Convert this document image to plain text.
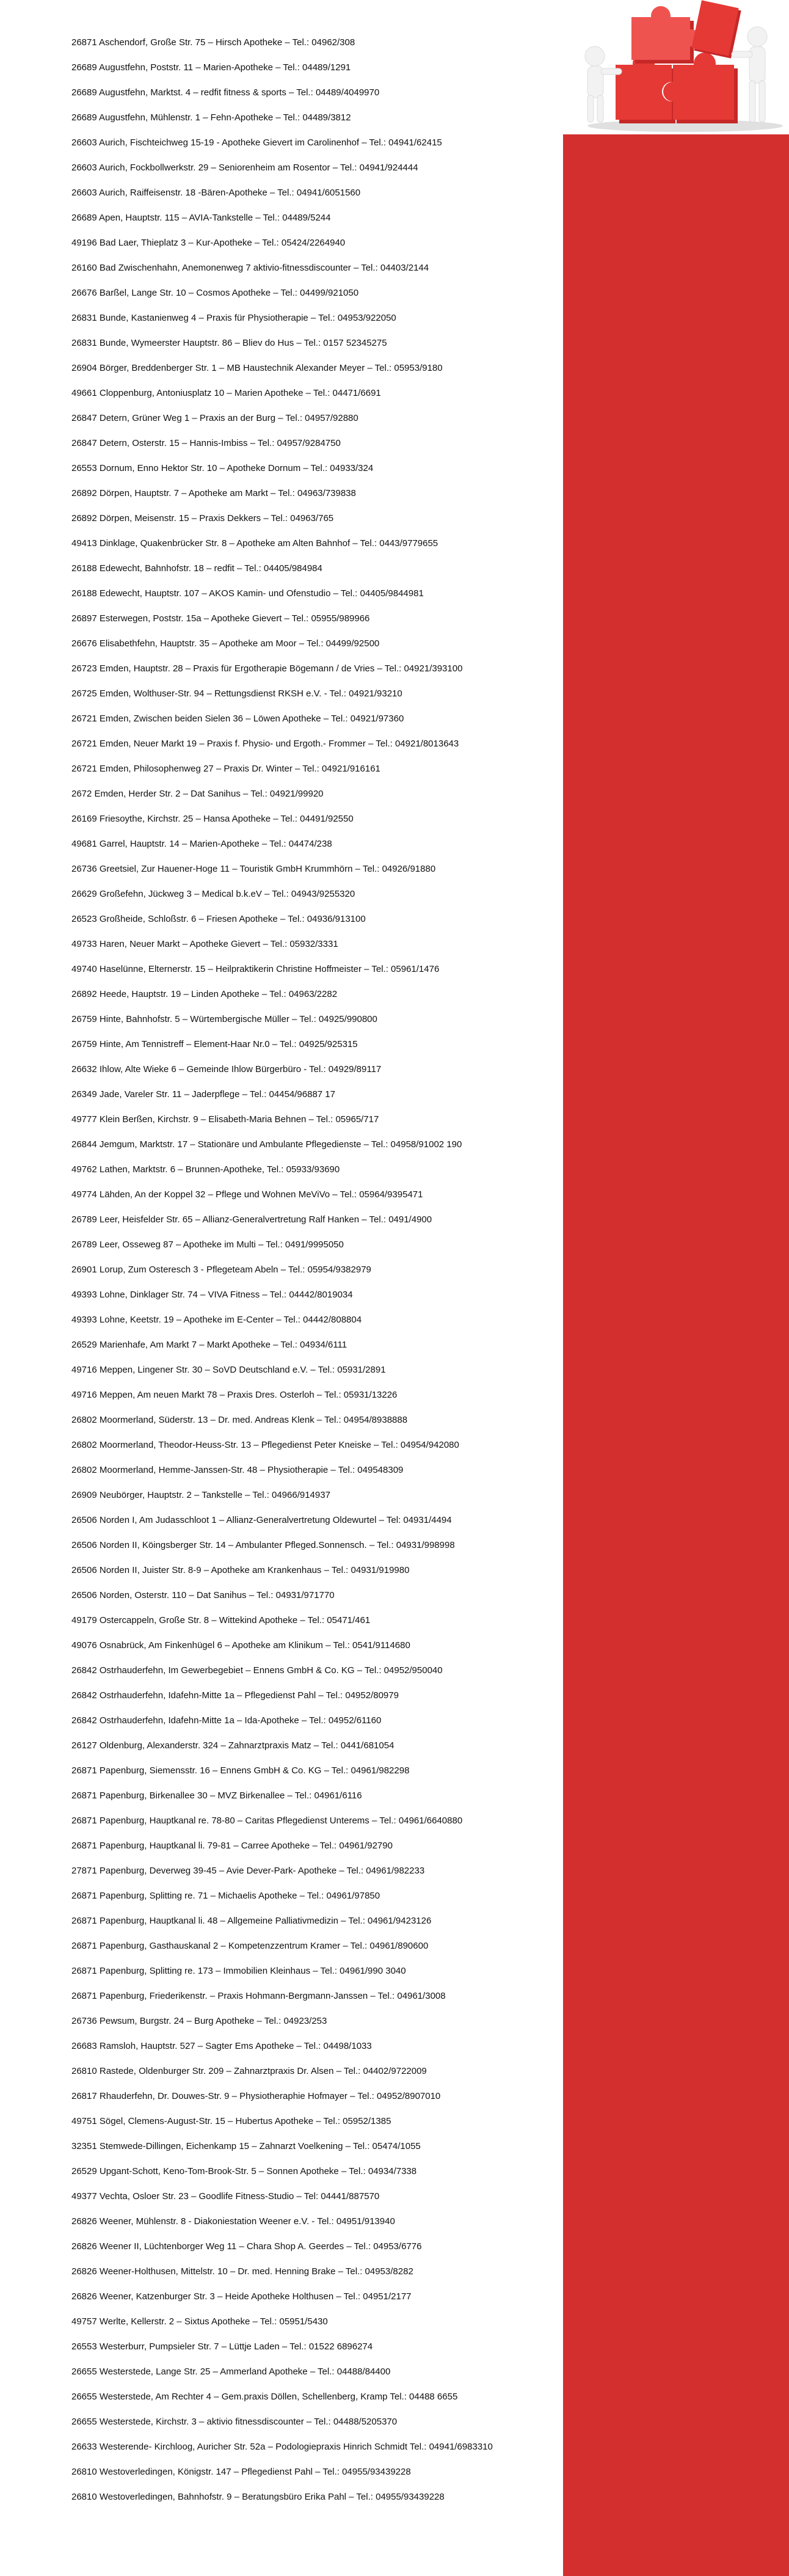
26871 Aschendorf, Große Str. 75 – Hirsch Apotheke – Tel.: 04962/308
26689 Augustfehn, Poststr. 11 – Marien-Apotheke – Tel.: 04489/1291
26689 Augustfehn, Marktst. 4 – redfit fitness & sports – Tel.: 04489/4049970
26689 Augustfehn, Mühlenstr. 1 – Fehn-Apotheke – Tel.: 04489/3812
26603 Aurich, Fischteichweg 15-19 - Apotheke Gievert im Carolinenhof – Tel.: 04941/62415
26603 Aurich, Fockbollwerkstr. 29 – Seniorenheim am Rosentor – Tel.: 04941/924444
26603 Aurich, Raiffeisenstr. 18 -Bären-Apotheke – Tel.: 04941/6051560
26689 Apen, Hauptstr. 115 – AVIA-Tankstelle – Tel.: 04489/5244
49196 Bad Laer, Thieplatz 3 – Kur-Apotheke – Tel.: 05424/2264940
26160 Bad Zwischenhahn, Anemonenweg 7 aktivio-fitnessdiscounter – Tel.: 04403/2144
26676 Barßel, Lange Str. 10 – Cosmos Apotheke – Tel.: 04499/921050
26831 Bunde, Kastanienweg 4 – Praxis für Physiotherapie – Tel.: 04953/922050
26831 Bunde, Wymeerster Hauptstr. 86 – Bliev do Hus – Tel.: 0157 52345275
26904 Börger, Breddenberger Str. 1 – MB Haustechnik Alexander Meyer – Tel.: 05953/9180
49661 Cloppenburg, Antoniusplatz 10 – Marien Apotheke – Tel.: 04471/6691
26847 Detern, Grüner Weg 1 – Praxis an der Burg – Tel.: 04957/92880
26847 Detern, Osterstr. 15 – Hannis-Imbiss – Tel.: 04957/9284750
26553 Dornum, Enno Hektor Str. 10 – Apotheke Dornum – Tel.: 04933/324
26892 Dörpen, Hauptstr. 7 – Apotheke am Markt – Tel.: 04963/739838
26892 Dörpen, Meisenstr. 15 – Praxis Dekkers – Tel.: 04963/765
49413 Dinklage, Quakenbrücker Str. 8 – Apotheke am Alten Bahnhof – Tel.: 0443/9779655
26188 Edewecht, Bahnhofstr. 18 – redfit – Tel.: 04405/984984
26188 Edewecht, Hauptstr. 107 – AKOS Kamin- und Ofenstudio – Tel.: 04405/9844981
26897 Esterwegen, Poststr. 15a – Apotheke Gievert – Tel.: 05955/989966
26676 Elisabethfehn, Hauptstr. 35 – Apotheke am Moor – Tel.: 04499/92500
26723 Emden, Hauptstr. 28 – Praxis für Ergotherapie Bögemann / de Vries – Tel.: 04921/393100
26725 Emden, Wolthuser-Str. 94 – Rettungsdienst RKSH e.V. - Tel.: 04921/93210
26721 Emden, Zwischen beiden Sielen 36 – Löwen Apotheke – Tel.: 04921/97360
26721 Emden, Neuer Markt 19 – Praxis f. Physio- und Ergoth.- Frommer – Tel.: 04921/8013643
26721 Emden, Philosophenweg 27 – Praxis Dr. Winter – Tel.: 04921/916161
2672 Emden, Herder Str. 2 – Dat Sanihus – Tel.: 04921/99920
26169 Friesoythe, Kirchstr. 25 – Hansa Apotheke – Tel.: 04491/92550
49681 Garrel, Hauptstr. 14 – Marien-Apotheke – Tel.: 04474/238
26736 Greetsiel, Zur Hauener-Hoge 11 – Touristik GmbH Krummhörn – Tel.: 04926/91880
26629 Großefehn, Jückweg 3 – Medical b.k.eV – Tel.: 04943/9255320
26523 Großheide, Schloßstr. 6 – Friesen Apotheke – Tel.: 04936/913100
49733 Haren, Neuer Markt – Apotheke Gievert – Tel.: 05932/3331
49740 Haselünne, Elternerstr. 15 – Heilpraktikerin Christine Hoffmeister – Tel.: 05961/1476
26892 Heede, Hauptstr. 19 – Linden Apotheke – Tel.: 04963/2282
26759 Hinte, Bahnhofstr. 5 – Würtembergische Müller – Tel.: 04925/990800
26759 Hinte, Am Tennistreff – Element-Haar Nr.0 – Tel.: 04925/925315
26632 Ihlow, Alte Wieke 6 – Gemeinde Ihlow Bürgerbüro - Tel.: 04929/89117
26349 Jade, Vareler Str. 11 – Jaderpflege – Tel.: 04454/96887 17
49777 Klein Berßen, Kirchstr. 9 – Elisabeth-Maria Behnen – Tel.: 05965/717
26844 Jemgum, Marktstr. 17 – Stationäre und Ambulante Pflegedienste – Tel.: 04958/91002 190
49762 Lathen, Marktstr. 6 – Brunnen-Apotheke, Tel.: 05933/93690
49774 Lähden, An der Koppel 32 – Pflege und Wohnen MeViVo – Tel.: 05964/9395471
26789 Leer, Heisfelder Str. 65 – Allianz-Generalvertretung Ralf Hanken – Tel.: 0491/4900
26789 Leer, Osseweg 87 – Apotheke im Multi – Tel.: 0491/9995050
26901 Lorup, Zum Osteresch 3 - Pflegeteam Abeln – Tel.: 05954/9382979
49393 Lohne, Dinklager Str. 74 – VIVA Fitness – Tel.: 04442/8019034
49393 Lohne, Keetstr. 19 – Apotheke im E-Center – Tel.: 04442/808804
26529 Marienhafe, Am Markt 7 – Markt Apotheke – Tel.: 04934/6111
49716 Meppen, Lingener Str. 30 – SoVD Deutschland e.V. – Tel.: 05931/2891
49716 Meppen, Am neuen Markt 78 – Praxis Dres. Osterloh – Tel.: 05931/13226
26802 Moormerland, Süderstr. 13 – Dr. med. Andreas Klenk – Tel.: 04954/8938888
26802 Moormerland, Theodor-Heuss-Str. 13 – Pflegedienst Peter Kneiske – Tel.: 04954/942080
26802 Moormerland, Hemme-Janssen-Str. 48 – Physiotherapie – Tel.: 049548309
26909 Neubörger, Hauptstr. 2 – Tankstelle – Tel.: 04966/914937
26506 Norden I, Am Judasschloot 1 – Allianz-Generalvertretung Oldewurtel – Tel: 04931/4494
26506 Norden II, Köingsberger Str. 14 – Ambulanter Pfleged.Sonnensch. – Tel.: 04931/998998
26506 Norden II, Juister Str. 8-9 – Apotheke am Krankenhaus – Tel.: 04931/919980
26506 Norden, Osterstr. 110 – Dat Sanihus – Tel.: 04931/971770
49179 Ostercappeln, Große Str. 8 – Wittekind Apotheke – Tel.: 05471/461
49076 Osnabrück, Am Finkenhügel 6 – Apotheke am Klinikum – Tel.: 0541/9114680
26842 Ostrhauderfehn, Im Gewerbegebiet – Ennens GmbH & Co. KG – Tel.: 04952/950040
26842 Ostrhauderfehn, Idafehn-Mitte 1a – Pflegedienst Pahl – Tel.: 04952/80979
26842 Ostrhauderfehn, Idafehn-Mitte 1a – Ida-Apotheke – Tel.: 04952/61160
26127 Oldenburg, Alexanderstr. 324 – Zahnarztpraxis Matz – Tel.: 0441/681054
26871 Papenburg, Siemensstr. 16 – Ennens GmbH & Co. KG – Tel.: 04961/982298
26871 Papenburg, Birkenallee 30 – MVZ Birkenallee – Tel.: 04961/6116
26871 Papenburg, Hauptkanal re. 78-80 – Caritas Pflegedienst Unterems – Tel.: 04961/6640880
26871 Papenburg, Hauptkanal li. 79-81 – Carree Apotheke – Tel.: 04961/92790
27871 Papenburg, Deverweg 39-45 – Avie Dever-Park- Apotheke – Tel.: 04961/982233
26871 Papenburg, Splitting re. 71 – Michaelis Apotheke – Tel.: 04961/97850
26871 Papenburg, Hauptkanal li. 48 – Allgemeine Palliativmedizin – Tel.: 04961/9423126
26871 Papenburg, Gasthauskanal 2 – Kompetenzzentrum Kramer – Tel.: 04961/890600
26871 Papenburg, Splitting re. 173 – Immobilien Kleinhaus – Tel.: 04961/990 3040
26871 Papenburg, Friederikenstr. – Praxis Hohmann-Bergmann-Janssen – Tel.: 04961/3008
26736 Pewsum, Burgstr. 24 – Burg Apotheke – Tel.: 04923/253
26683 Ramsloh, Hauptstr. 527 – Sagter Ems Apotheke – Tel.: 04498/1033
26810 Rastede, Oldenburger Str. 209 – Zahnarztpraxis Dr. Alsen – Tel.: 04402/9722009
26817 Rhauderfehn, Dr. Douwes-Str. 9 – Physiotheraphie Hofmayer – Tel.: 04952/8907010
49751 Sögel, Clemens-August-Str. 15 – Hubertus Apotheke – Tel.: 05952/1385
32351 Stemwede-Dillingen, Eichenkamp 15 – Zahnarzt Voelkening – Tel.: 05474/1055
26529 Upgant-Schott, Keno-Tom-Brook-Str. 5 – Sonnen Apotheke – Tel.: 04934/7338
49377 Vechta, Osloer Str. 23 – Goodlife Fitness-Studio – Tel: 04441/887570
26826 Weener, Mühlenstr. 8 - Diakoniestation Weener e.V. - Tel.: 04951/913940
26826 Weener II, Lüchtenborger Weg 11 – Chara Shop A. Geerdes – Tel.: 04953/6776
26826 Weener-Holthusen, Mittelstr. 10 – Dr. med. Henning Brake – Tel.: 04953/8282
26826 Weener, Katzenburger Str. 3 – Heide Apotheke Holthusen – Tel.: 04951/2177
49757 Werlte, Kellerstr. 2 – Sixtus Apotheke – Tel.: 05951/5430
26553 Westerburr, Pumpsieler Str. 7 – Lüttje Laden – Tel.: 01522 6896274
26655 Westerstede, Lange Str. 25 – Ammerland Apotheke – Tel.: 04488/84400
26655 Westerstede, Am Rechter 4 – Gem.praxis Döllen, Schellenberg, Kramp Tel.: 04488 6655
26655 Westerstede, Kirchstr. 3 – aktivio fitnessdiscounter – Tel.: 04488/5205370
26633 Westerende- Kirchloog, Auricher Str. 52a – Podologiepraxis Hinrich Schmidt Tel.: 04941/6983310
26810 Westoverledingen, Königstr. 147 – Pflegedienst Pahl – Tel.: 04955/93439228
26810 Westoverledingen, Bahnhofstr. 9 – Beratungsbüro Erika Pahl – Tel.: 04955/93439228
